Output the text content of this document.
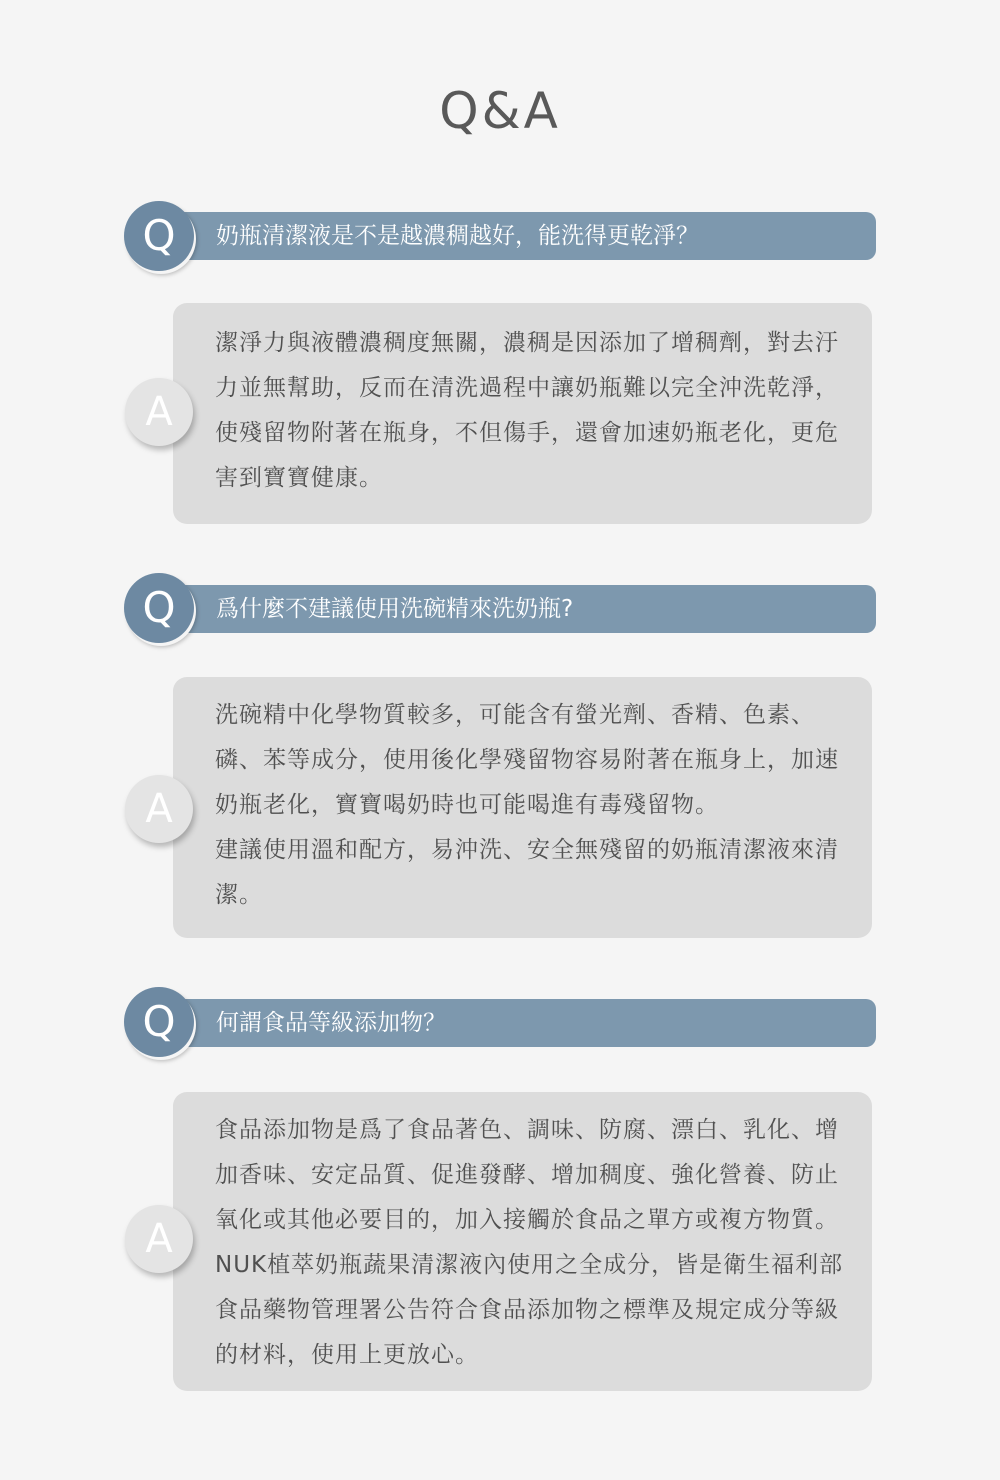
Q&A
奶瓶清潔液是不是越濃稠越好，能洗得更乾淨？
Q
A

潔淨力與液體濃稠度無關，濃稠是因添加了增稠劑，對去汙力並無幫助，反而在清洗過程中讓奶瓶難以完全沖洗乾淨，使殘留物附著在瓶身，不但傷手，還會加速奶瓶老化，更危害到寶寶健康。

爲什麼不建議使用洗碗精來洗奶瓶?
Q
A

洗碗精中化學物質較多，可能含有螢光劑、香精、色素、磷、苯等成分，使用後化學殘留物容易附著在瓶身上，加速奶瓶老化，寶寶喝奶時也可能喝進有毒殘留物。

建議使用溫和配方，易沖洗、安全無殘留的奶瓶清潔液來清潔。

何謂食品等級添加物？
Q
A

食品添加物是爲了食品著色、調味、防腐、漂白、乳化、增加香味、安定品質、促進發酵、增加稠度、強化營養、防止氧化或其他必要目的，加入接觸於食品之單方或複方物質。NUK植萃奶瓶蔬果清潔液內使用之全成分，皆是衛生福利部食品藥物管理署公告符合食品添加物之標準及規定成分等級的材料，使用上更放心。
